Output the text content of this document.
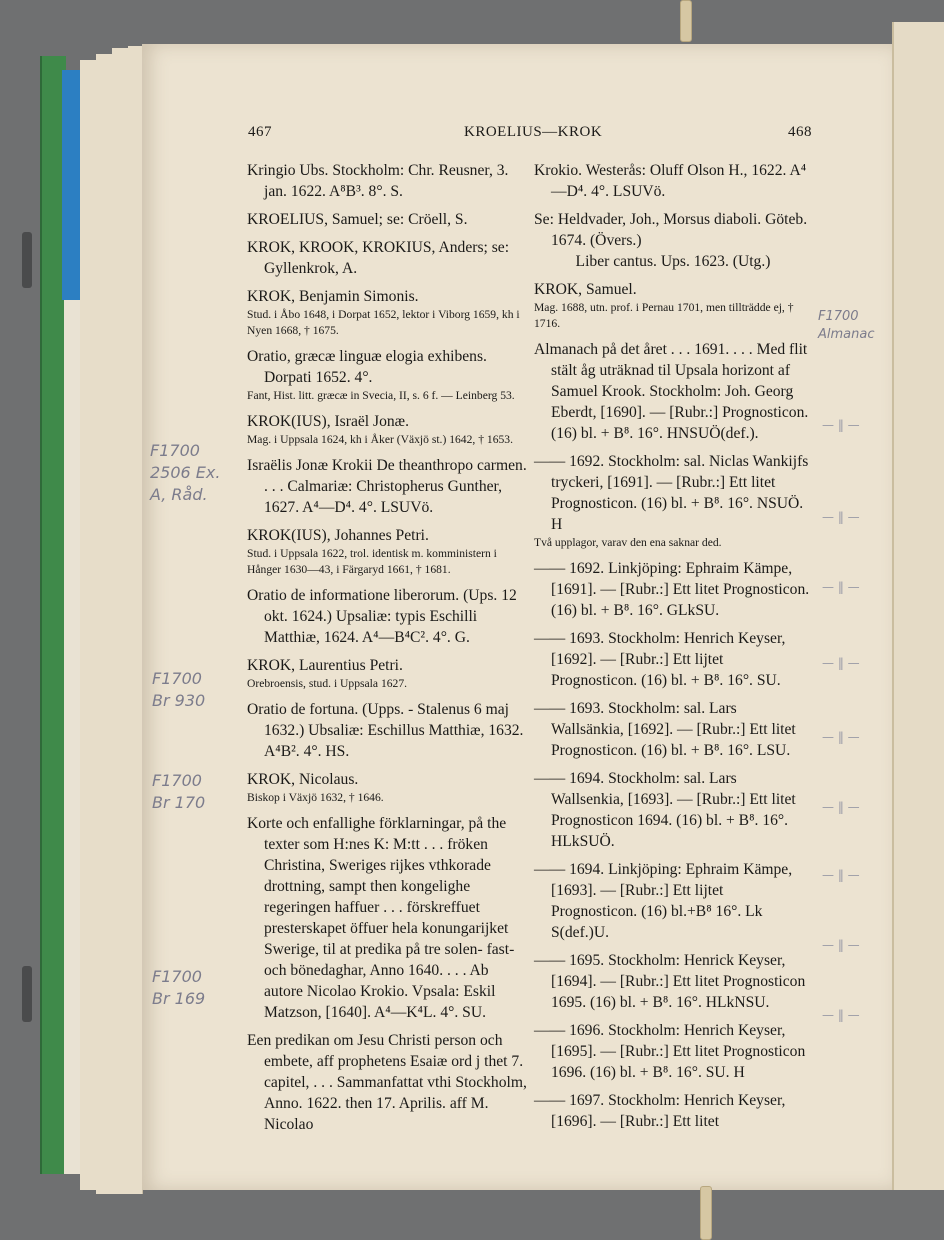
467	KROELIUS—KROK	468

Kringio Ubs. Stockholm: Chr. Reusner, 3. jan. 1622. A⁸B³. 8°. S.

KROELIUS, Samuel; se: Cröell, S.

KROK, KROOK, KROKIUS, Anders; se: Gyllenkrok, A.

KROK, Benjamin Simonis.

Stud. i Åbo 1648, i Dorpat 1652, lektor i Viborg 1659, kh i Nyen 1668, † 1675.

Oratio, græcæ linguæ elogia exhibens. Dorpati 1652. 4°.

Fant, Hist. litt. græcæ in Svecia, II, s. 6 f. — Leinberg 53.

KROK(IUS), Israël Jonæ.

Mag. i Uppsala 1624, kh i Åker (Växjö st.) 1642, † 1653.

Israëlis Jonæ Krokii De theanthropo carmen. . . . Calmariæ: Christopherus Gunther, 1627. A⁴—D⁴. 4°. LSUVö.

KROK(IUS), Johannes Petri.

Stud. i Uppsala 1622, trol. identisk m. komministern i Hånger 1630—43, i Färgaryd 1661, † 1681.

Oratio de informatione liberorum. (Ups. 12 okt. 1624.) Upsaliæ: typis Eschilli Matthiæ, 1624. A⁴—B⁴C². 4°. G.

KROK, Laurentius Petri.

Orebroensis, stud. i Uppsala 1627.

Oratio de fortuna. (Upps. - Stalenus 6 maj 1632.) Ubsaliæ: Eschillus Matthiæ, 1632. A⁴B². 4°. HS.

KROK, Nicolaus.

Biskop i Växjö 1632, † 1646.

Korte och enfallighe förklarningar, på the texter som H:nes K: M:tt . . . fröken Christina, Sweriges rijkes vthkorade drottning, sampt then kongelighe regeringen haffuer . . . förskreffuet presterskapet öffuer hela konungarijket Swerige, til at predika på tre solen- fast- och bönedaghar, Anno 1640. . . . Ab autore Nicolao Krokio. Vpsala: Eskil Matzson, [1640]. A⁴—K⁴L. 4°. SU.

Een predikan om Jesu Christi person och embete, aff prophetens Esaiæ ord j thet 7. capitel, . . . Sammanfattat vthi Stockholm, Anno. 1622. then 17. Aprilis. aff M. Nicolao

Krokio. Westerås: Oluff Olson H., 1622. A⁴—D⁴. 4°. LSUVö.

Se: Heldvader, Joh., Morsus diaboli. Göteb. 1674. (Övers.)

Liber cantus. Ups. 1623. (Utg.)

KROK, Samuel.

Mag. 1688, utn. prof. i Pernau 1701, men tillträdde ej, † 1716.

Almanach på det året . . . 1691. . . . Med flit stält åg uträknad til Upsala horizont af Samuel Krook. Stockholm: Joh. Georg Eberdt, [1690]. — [Rubr.:] Prognosticon. (16) bl. + B⁸. 16°. HNSUÖ(def.).

—— 1692. Stockholm: sal. Niclas Wankijfs tryckeri, [1691]. — [Rubr.:] Ett litet Prognosticon. (16) bl. + B⁸. 16°. NSUÖ. H

Två upplagor, varav den ena saknar ded.

—— 1692. Linkjöping: Ephraim Kämpe, [1691]. — [Rubr.:] Ett litet Prognosticon. (16) bl. + B⁸. 16°. GLkSU.

—— 1693. Stockholm: Henrich Keyser, [1692]. — [Rubr.:] Ett lijtet Prognosticon. (16) bl. + B⁸. 16°. SU.

—— 1693. Stockholm: sal. Lars Wallsänkia, [1692]. — [Rubr.:] Ett litet Prognosticon. (16) bl. + B⁸. 16°. LSU.

—— 1694. Stockholm: sal. Lars Wallsenkia, [1693]. — [Rubr.:] Ett litet Prognosticon 1694. (16) bl. + B⁸. 16°. HLkSUÖ.

—— 1694. Linkjöping: Ephraim Kämpe, [1693]. — [Rubr.:] Ett lijtet Prognosticon. (16) bl.+B⁸ 16°. Lk S(def.)U.

—— 1695. Stockholm: Henrick Keyser, [1694]. — [Rubr.:] Ett litet Prognosticon 1695. (16) bl. + B⁸. 16°. HLkNSU.

—— 1696. Stockholm: Henrich Keyser, [1695]. — [Rubr.:] Ett litet Prognosticon 1696. (16) bl. + B⁸. 16°. SU. H

—— 1697. Stockholm: Henrich Keyser, [1696]. — [Rubr.:] Ett litet

F1700 2506 Ex. A, Råd.
F1700 Br 930
F1700 Br 170
F1700 Br 169
F1700 Almanac
— ‖ —
— ‖ —
— ‖ —
— ‖ —
— ‖ —
— ‖ —
— ‖ —
— ‖ —
— ‖ —
